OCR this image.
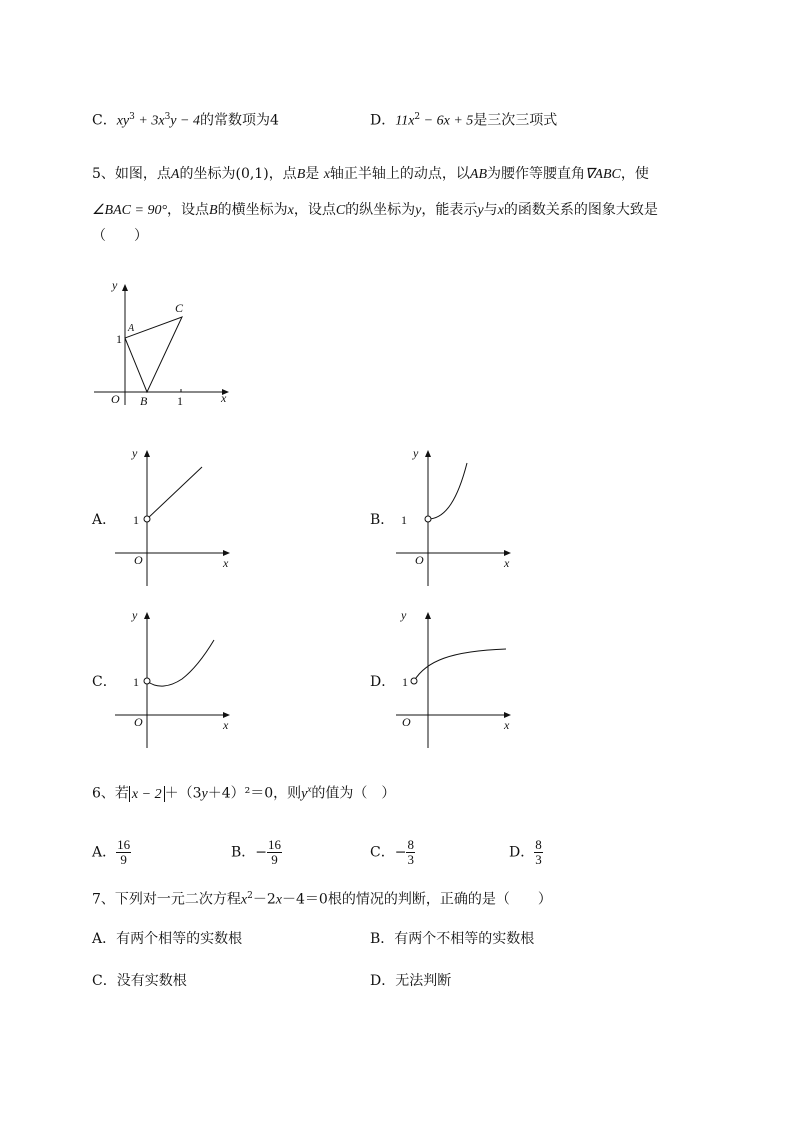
C．$xy^3 + 3x^3y - 4$的常数项为4	D．$11x^2 - 6x + 5$是三次三项式
5、如图，点A的坐标为(0,1)，点B是 x轴正半轴上的动点，以AB为腰作等腰直角∇ABC，使
∠BAC = 90°，设点B的横坐标为x，设点C的纵坐标为y，能表示y与x的函数关系的图象大致是
（　　）
y
x
O B
C
A
1
1
A．
y
x
O
1	B．
y
x
O
1
C．
y
x
O
1	D．
y
x
O
1
6、若 x − 2 ＋（3y＋4）²＝0，则$y^x$的值为（　）
A． $\frac{16}{9}$	B．− $\frac{16}{9}$	C．− $\frac{8}{3}$	D． $\frac{8}{3}$
7、下列对一元二次方程$x^2-2x-4=0$根的情况的判断，正确的是（　　）
A．有两个相等的实数根	B．有两个不相等的实数根
C．没有实数根	D．无法判断
